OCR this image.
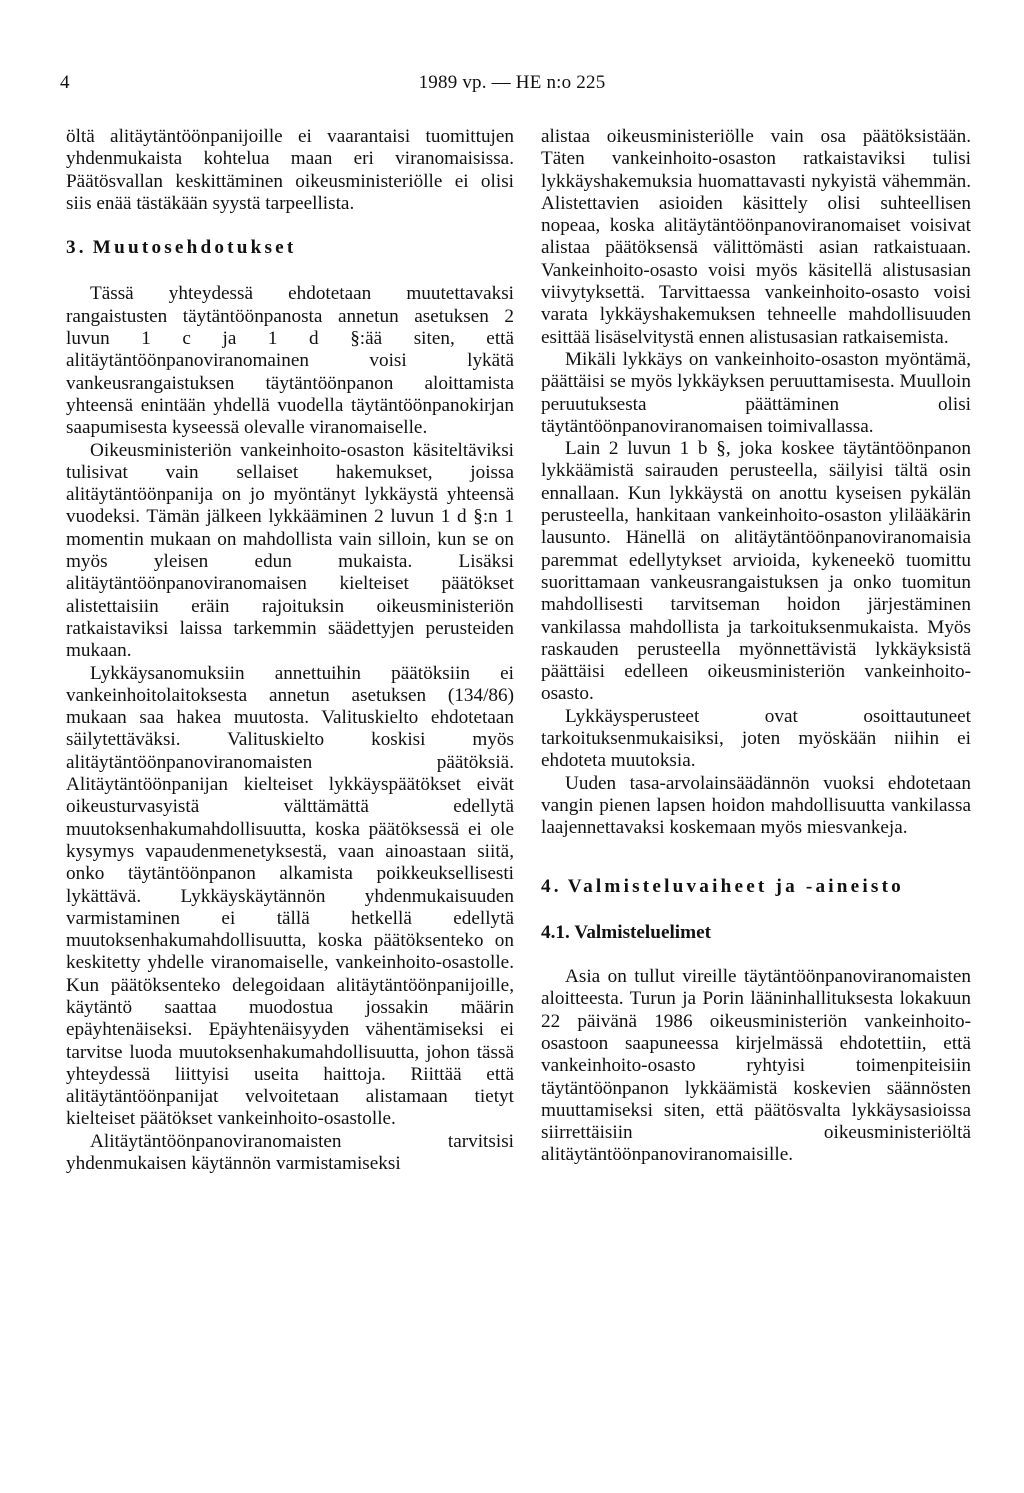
4	1989 vp. — HE n:o 225

öltä alitäytäntöönpanijoille ei vaarantaisi tuomittujen yhdenmukaista kohtelua maan eri viranomaisissa. Päätösvallan keskittäminen oikeusministeriölle ei olisi siis enää tästäkään syystä tarpeellista.

3. Muutosehdotukset

Tässä yhteydessä ehdotetaan muutettavaksi rangaistusten täytäntöönpanosta annetun asetuksen 2 luvun 1 c ja 1 d §:ää siten, että alitäytäntöönpanoviranomainen voisi lykätä vankeusrangaistuksen täytäntöönpanon aloittamista yhteensä enintään yhdellä vuodella täytäntöönpanokirjan saapumisesta kyseessä olevalle viranomaiselle.

Oikeusministeriön vankeinhoito-osaston käsiteltäviksi tulisivat vain sellaiset hakemukset, joissa alitäytäntöönpanija on jo myöntänyt lykkäystä yhteensä vuodeksi. Tämän jälkeen lykkääminen 2 luvun 1 d §:n 1 momentin mukaan on mahdollista vain silloin, kun se on myös yleisen edun mukaista. Lisäksi alitäytäntöönpanoviranomaisen kielteiset päätökset alistettaisiin eräin rajoituksin oikeusministeriön ratkaistaviksi laissa tarkemmin säädettyjen perusteiden mukaan.

Lykkäysanomuksiin annettuihin päätöksiin ei vankeinhoitolaitoksesta annetun asetuksen (134/86) mukaan saa hakea muutosta. Valituskielto ehdotetaan säilytettäväksi. Valituskielto koskisi myös alitäytäntöönpanoviranomaisten päätöksiä. Alitäytäntöönpanijan kielteiset lykkäyspäätökset eivät oikeusturvasyistä välttämättä edellytä muutoksenhakumahdollisuutta, koska päätöksessä ei ole kysymys vapaudenmenetyksestä, vaan ainoastaan siitä, onko täytäntöönpanon alkamista poikkeuksellisesti lykättävä. Lykkäyskäytännön yhdenmukaisuuden varmistaminen ei tällä hetkellä edellytä muutoksenhakumahdollisuutta, koska päätöksenteko on keskitetty yhdelle viranomaiselle, vankeinhoito-osastolle. Kun päätöksenteko delegoidaan alitäytäntöönpanijoille, käytäntö saattaa muodostua jossakin määrin epäyhtenäiseksi. Epäyhtenäisyyden vähentämiseksi ei tarvitse luoda muutoksenhakumahdollisuutta, johon tässä yhteydessä liittyisi useita haittoja. Riittää että alitäytäntöönpanijat velvoitetaan alistamaan tietyt kielteiset päätökset vankeinhoito-osastolle.

Alitäytäntöönpanoviranomaisten tarvitsisi yhdenmukaisen käytännön varmistamiseksi

alistaa oikeusministeriölle vain osa päätöksistään. Täten vankeinhoito-osaston ratkaistaviksi tulisi lykkäyshakemuksia huomattavasti nykyistä vähemmän. Alistettavien asioiden käsittely olisi suhteellisen nopeaa, koska alitäytäntöönpanoviranomaiset voisivat alistaa päätöksensä välittömästi asian ratkaistuaan. Vankeinhoito-osasto voisi myös käsitellä alistusasian viivytyksettä. Tarvittaessa vankeinhoito-osasto voisi varata lykkäyshakemuksen tehneelle mahdollisuuden esittää lisäselvitystä ennen alistusasian ratkaisemista.

Mikäli lykkäys on vankeinhoito-osaston myöntämä, päättäisi se myös lykkäyksen peruuttamisesta. Muulloin peruutuksesta päättäminen olisi täytäntöönpanoviranomaisen toimivallassa.

Lain 2 luvun 1 b §, joka koskee täytäntöönpanon lykkäämistä sairauden perusteella, säilyisi tältä osin ennallaan. Kun lykkäystä on anottu kyseisen pykälän perusteella, hankitaan vankeinhoito-osaston ylilääkärin lausunto. Hänellä on alitäytäntöönpanoviranomaisia paremmat edellytykset arvioida, kykeneekö tuomittu suorittamaan vankeusrangaistuksen ja onko tuomitun mahdollisesti tarvitseman hoidon järjestäminen vankilassa mahdollista ja tarkoituksenmukaista. Myös raskauden perusteella myönnettävistä lykkäyksistä päättäisi edelleen oikeusministeriön vankeinhoito-osasto.

Lykkäysperusteet ovat osoittautuneet tarkoituksenmukaisiksi, joten myöskään niihin ei ehdoteta muutoksia.

Uuden tasa-arvolainsäädännön vuoksi ehdotetaan vangin pienen lapsen hoidon mahdollisuutta vankilassa laajennettavaksi koskemaan myös miesvankeja.

4. Valmisteluvaiheet ja -aineisto
4.1. Valmisteluelimet

Asia on tullut vireille täytäntöönpanoviranomaisten aloitteesta. Turun ja Porin lääninhallituksesta lokakuun 22 päivänä 1986 oikeusministeriön vankeinhoito-osastoon saapuneessa kirjelmässä ehdotettiin, että vankeinhoito-osasto ryhtyisi toimenpiteisiin täytäntöönpanon lykkäämistä koskevien säännösten muuttamiseksi siten, että päätösvalta lykkäysasioissa siirrettäisiin oikeusministeriöltä alitäytäntöönpanoviranomaisille.
